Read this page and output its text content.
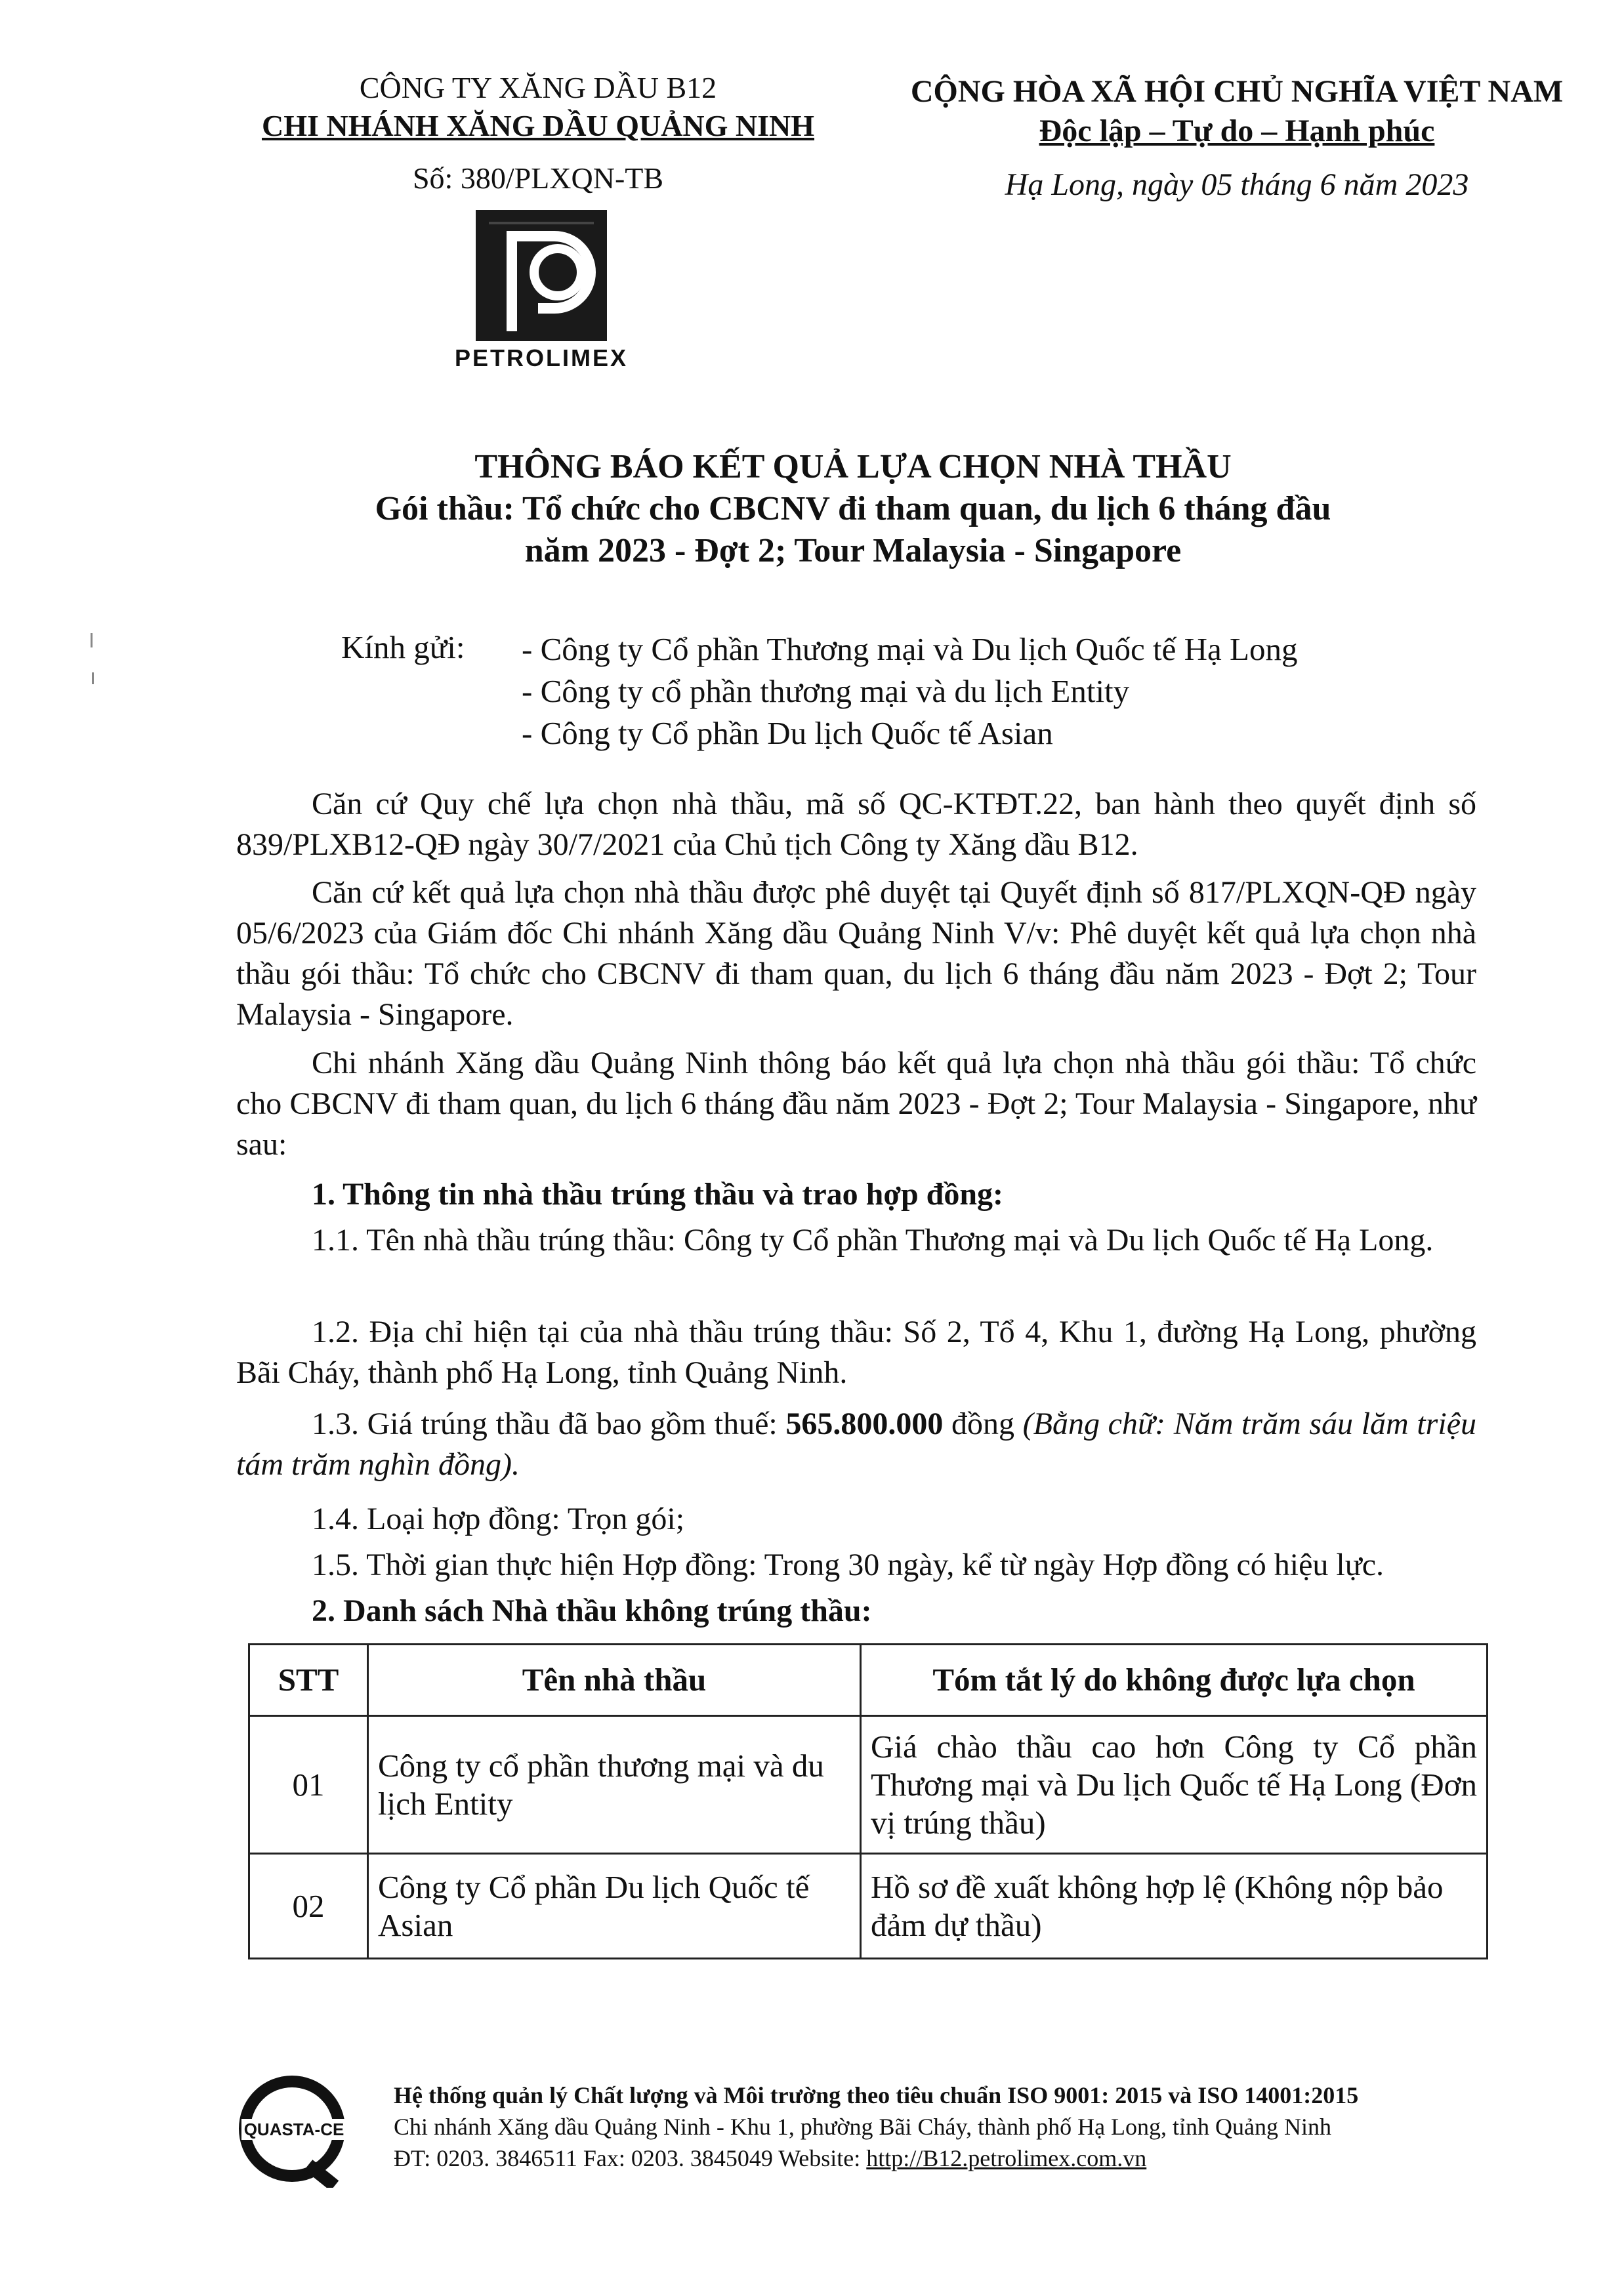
CÔNG TY XĂNG DẦU B12
CHI NHÁNH XĂNG DẦU QUẢNG NINH
Số: 380/PLXQN-TB
CỘNG HÒA XÃ HỘI CHỦ NGHĨA VIỆT NAM
Độc lập – Tự do – Hạnh phúc
Hạ Long, ngày 05 tháng 6 năm 2023
PETROLIMEX
THÔNG BÁO KẾT QUẢ LỰA CHỌN NHÀ THẦU
Gói thầu: Tổ chức cho CBCNV đi tham quan, du lịch 6 tháng đầu
năm 2023 - Đợt 2; Tour Malaysia - Singapore
Kính gửi: - Công ty Cổ phần Thương mại và Du lịch Quốc tế Hạ Long
- Công ty cổ phần thương mại và du lịch Entity
- Công ty Cổ phần Du lịch Quốc tế Asian
Căn cứ Quy chế lựa chọn nhà thầu, mã số QC-KTĐT.22, ban hành theo quyết định số 839/PLXB12-QĐ ngày 30/7/2021 của Chủ tịch Công ty Xăng dầu B12.
Căn cứ kết quả lựa chọn nhà thầu được phê duyệt tại Quyết định số 817/PLXQN-QĐ ngày 05/6/2023 của Giám đốc Chi nhánh Xăng dầu Quảng Ninh V/v: Phê duyệt kết quả lựa chọn nhà thầu gói thầu: Tổ chức cho CBCNV đi tham quan, du lịch 6 tháng đầu năm 2023 - Đợt 2; Tour Malaysia - Singapore.
Chi nhánh Xăng dầu Quảng Ninh thông báo kết quả lựa chọn nhà thầu gói thầu: Tổ chức cho CBCNV đi tham quan, du lịch 6 tháng đầu năm 2023 - Đợt 2; Tour Malaysia - Singapore, như sau:
1. Thông tin nhà thầu trúng thầu và trao hợp đồng:
1.1. Tên nhà thầu trúng thầu: Công ty Cổ phần Thương mại và Du lịch Quốc tế Hạ Long.
1.2. Địa chỉ hiện tại của nhà thầu trúng thầu: Số 2, Tổ 4, Khu 1, đường Hạ Long, phường Bãi Cháy, thành phố Hạ Long, tỉnh Quảng Ninh.
1.3. Giá trúng thầu đã bao gồm thuế: 565.800.000 đồng (Bằng chữ: Năm trăm sáu lăm triệu tám trăm nghìn đồng).
1.4. Loại hợp đồng: Trọn gói;
1.5. Thời gian thực hiện Hợp đồng: Trong 30 ngày, kể từ ngày Hợp đồng có hiệu lực.
2. Danh sách Nhà thầu không trúng thầu:
STT	Tên nhà thầu	Tóm tắt lý do không được lựa chọn
01	Công ty cổ phần thương mại và du lịch Entity	Giá chào thầu cao hơn Công ty Cổ phần Thương mại và Du lịch Quốc tế Hạ Long (Đơn vị trúng thầu)
02	Công ty Cổ phần Du lịch Quốc tế Asian	Hồ sơ đề xuất không hợp lệ (Không nộp bảo đảm dự thầu)
QUASTA-CE
Hệ thống quản lý Chất lượng và Môi trường theo tiêu chuẩn ISO 9001: 2015 và ISO 14001:2015
Chi nhánh Xăng dầu Quảng Ninh - Khu 1, phường Bãi Cháy, thành phố Hạ Long, tỉnh Quảng Ninh
ĐT: 0203. 3846511 Fax: 0203. 3845049 Website: http://B12.petrolimex.com.vn
